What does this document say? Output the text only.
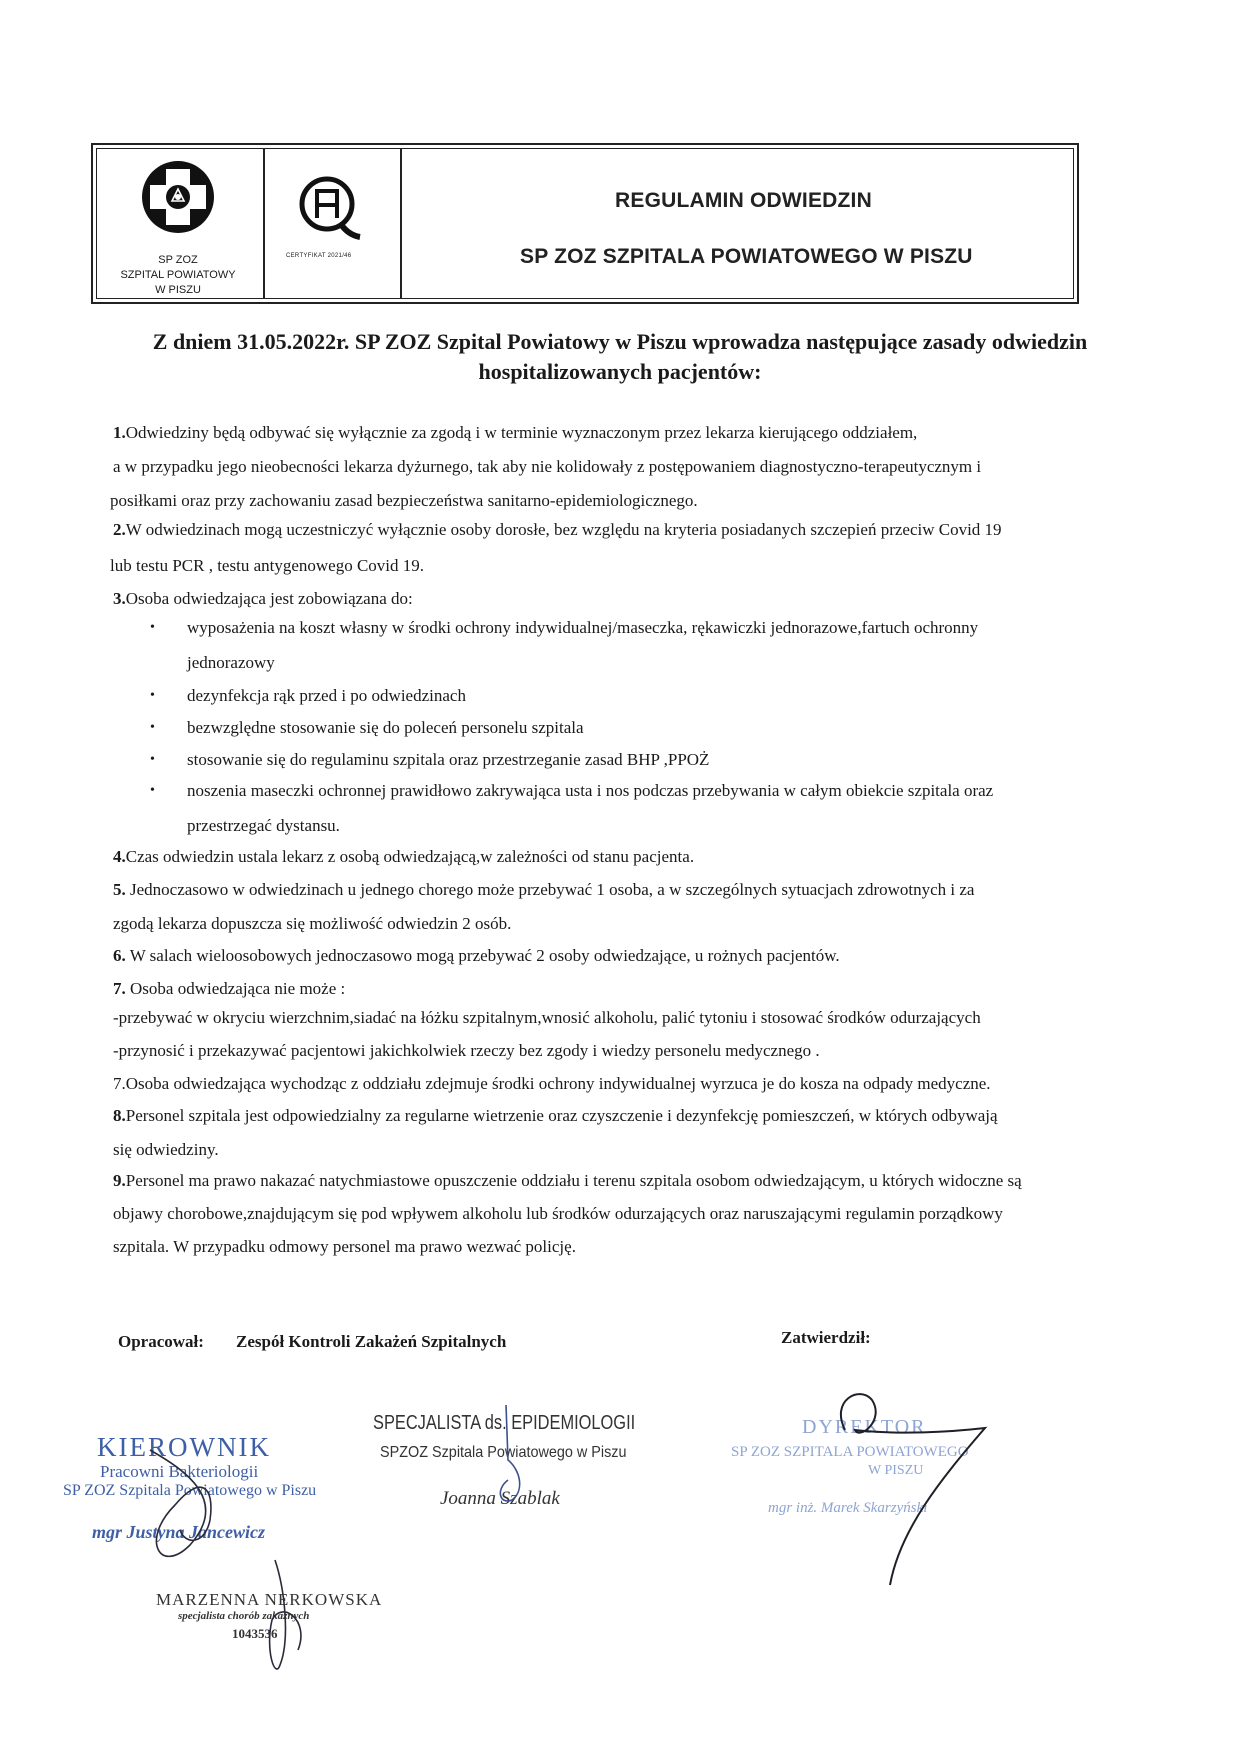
SP ZOZ
SZPITAL POWIATOWY
W PISZU
CERTYFIKAT 2021/46
REGULAMIN ODWIEDZIN
SP ZOZ SZPITALA POWIATOWEGO W PISZU
Z dniem 31.05.2022r. SP ZOZ Szpital Powiatowy w Piszu wprowadza następujące zasady odwiedzin
hospitalizowanych pacjentów:
1.Odwiedziny będą odbywać się wyłącznie za zgodą i w terminie wyznaczonym przez lekarza kierującego oddziałem,
a w przypadku jego nieobecności lekarza dyżurnego, tak aby nie kolidowały z postępowaniem diagnostyczno-terapeutycznym i
posiłkami oraz przy zachowaniu zasad bezpieczeństwa sanitarno-epidemiologicznego.
2.W odwiedzinach mogą uczestniczyć wyłącznie osoby dorosłe, bez względu na kryteria posiadanych szczepień przeciw Covid 19
lub testu PCR , testu antygenowego Covid 19.
3.Osoba odwiedzająca jest zobowiązana do:
• wyposażenia na koszt własny w środki ochrony indywidualnej/maseczka, rękawiczki jednorazowe,fartuch ochronny
jednorazowy
• dezynfekcja rąk przed i po odwiedzinach
• bezwzględne stosowanie się do poleceń personelu szpitala
• stosowanie się do regulaminu szpitala oraz przestrzeganie zasad BHP ,PPOŻ
• noszenia maseczki ochronnej prawidłowo zakrywająca usta i nos podczas przebywania w całym obiekcie szpitala oraz
przestrzegać dystansu.
4.Czas odwiedzin ustala lekarz z osobą odwiedzającą,w zależności od stanu pacjenta.
5. Jednoczasowo w odwiedzinach u jednego chorego może przebywać 1 osoba, a w szczególnych sytuacjach zdrowotnych i za
zgodą lekarza dopuszcza się możliwość odwiedzin 2 osób.
6. W salach wieloosobowych jednoczasowo mogą przebywać 2 osoby odwiedzające, u rożnych pacjentów.
7. Osoba odwiedzająca nie może :
-przebywać w okryciu wierzchnim,siadać na łóżku szpitalnym,wnosić alkoholu, palić tytoniu i stosować środków odurzających
-przynosić i przekazywać pacjentowi jakichkolwiek rzeczy bez zgody i wiedzy personelu medycznego .
7.Osoba odwiedzająca wychodząc z oddziału zdejmuje środki ochrony indywidualnej wyrzuca je do kosza na odpady medyczne.
8.Personel szpitala jest odpowiedzialny za regularne wietrzenie oraz czyszczenie i dezynfekcję pomieszczeń, w których odbywają
się odwiedziny.
9.Personel ma prawo nakazać natychmiastowe opuszczenie oddziału i terenu szpitala osobom odwiedzającym, u których widoczne są
objawy chorobowe,znajdującym się pod wpływem alkoholu lub środków odurzających oraz naruszającymi regulamin porządkowy
szpitala. W przypadku odmowy personel ma prawo wezwać policję.
Opracował: Zespół Kontroli Zakażeń Szpitalnych	Zatwierdził:
KIEROWNIK
Pracowni Bakteriologii
SP ZOZ Szpitala Powiatowego w Piszu
mgr Justyna Jancewicz
SPECJALISTA ds. EPIDEMIOLOGII
SPZOZ Szpitala Powiatowego w Piszu
Joanna Szablak
DYREKTOR
SP ZOZ SZPITALA POWIATOWEGO
W PISZU
mgr inż. Marek Skarzyński
MARZENNA NERKOWSKA
specjalista chorób zakaźnych
1043536
